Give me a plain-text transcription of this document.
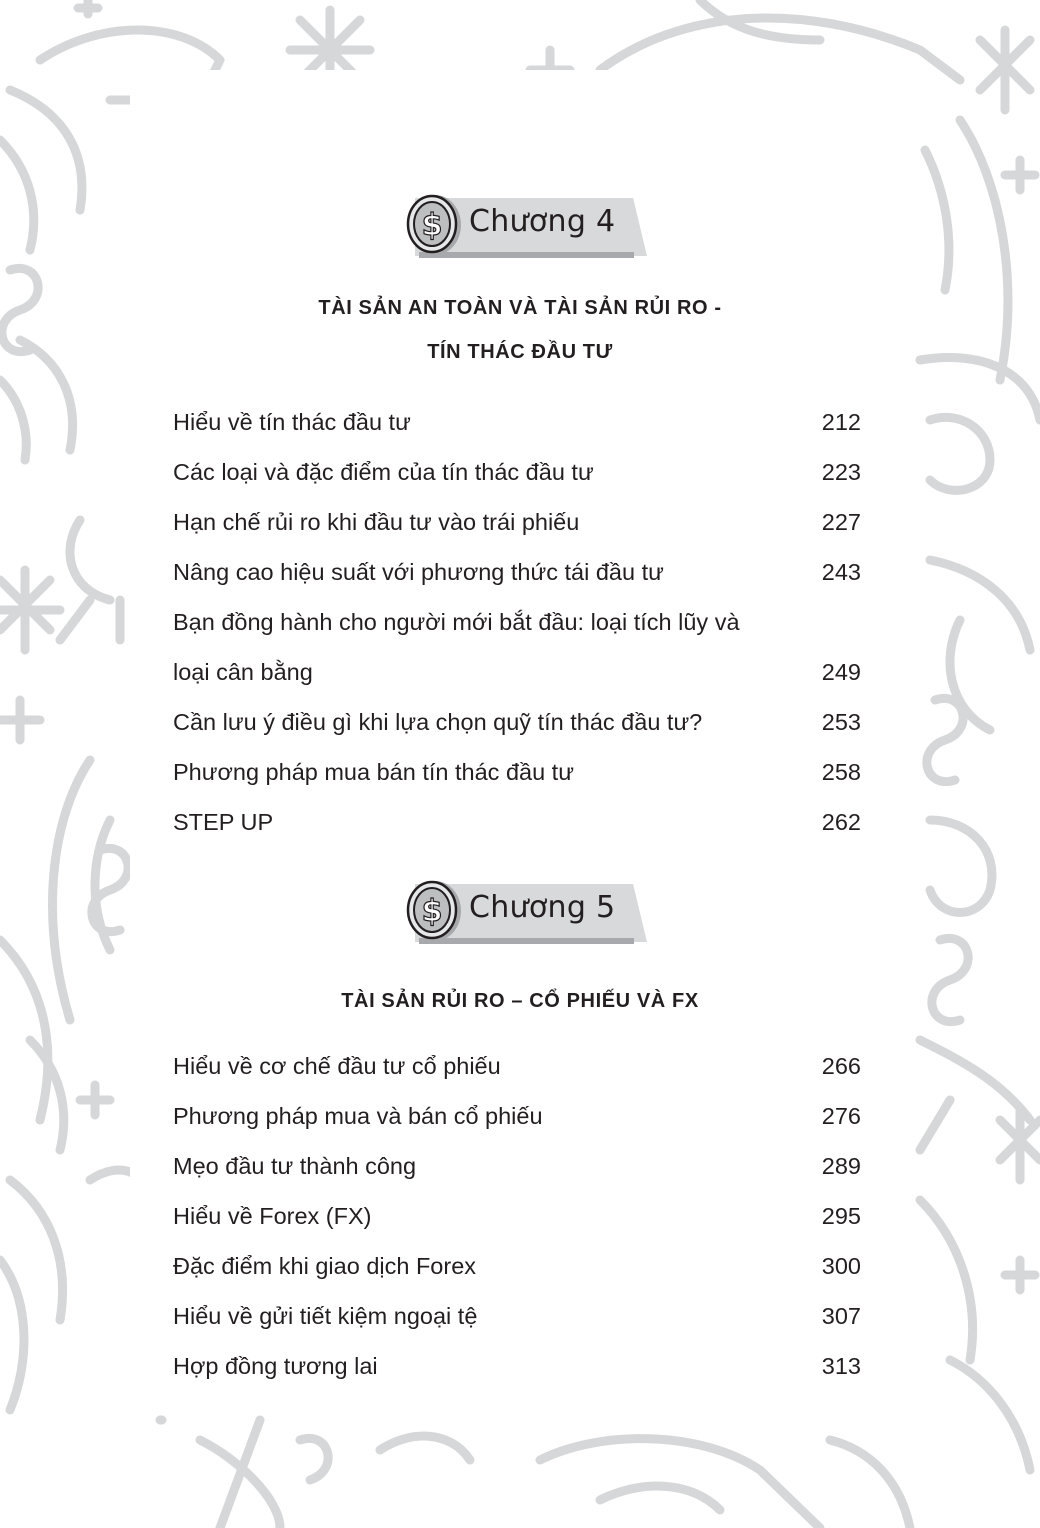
$ Chương 4
TÀI SẢN AN TOÀN VÀ TÀI SẢN RỦI RO -
TÍN THÁC ĐẦU TƯ
Hiểu về tín thác đầu tư	212
Các loại và đặc điểm của tín thác đầu tư	223
Hạn chế rủi ro khi đầu tư vào trái phiếu	227
Nâng cao hiệu suất với phương thức tái đầu tư	243
Bạn đồng hành cho người mới bắt đầu: loại tích lũy và
loại cân bằng	249
Cần lưu ý điều gì khi lựa chọn quỹ tín thác đầu tư?	253
Phương pháp mua bán tín thác đầu tư	258
STEP UP	262
$ Chương 5
TÀI SẢN RỦI RO – CỔ PHIẾU VÀ FX
Hiểu về cơ chế đầu tư cổ phiếu	266
Phương pháp mua và bán cổ phiếu	276
Mẹo đầu tư thành công	289
Hiểu về Forex (FX)	295
Đặc điểm khi giao dịch Forex	300
Hiểu về gửi tiết kiệm ngoại tệ	307
Hợp đồng tương lai	313
